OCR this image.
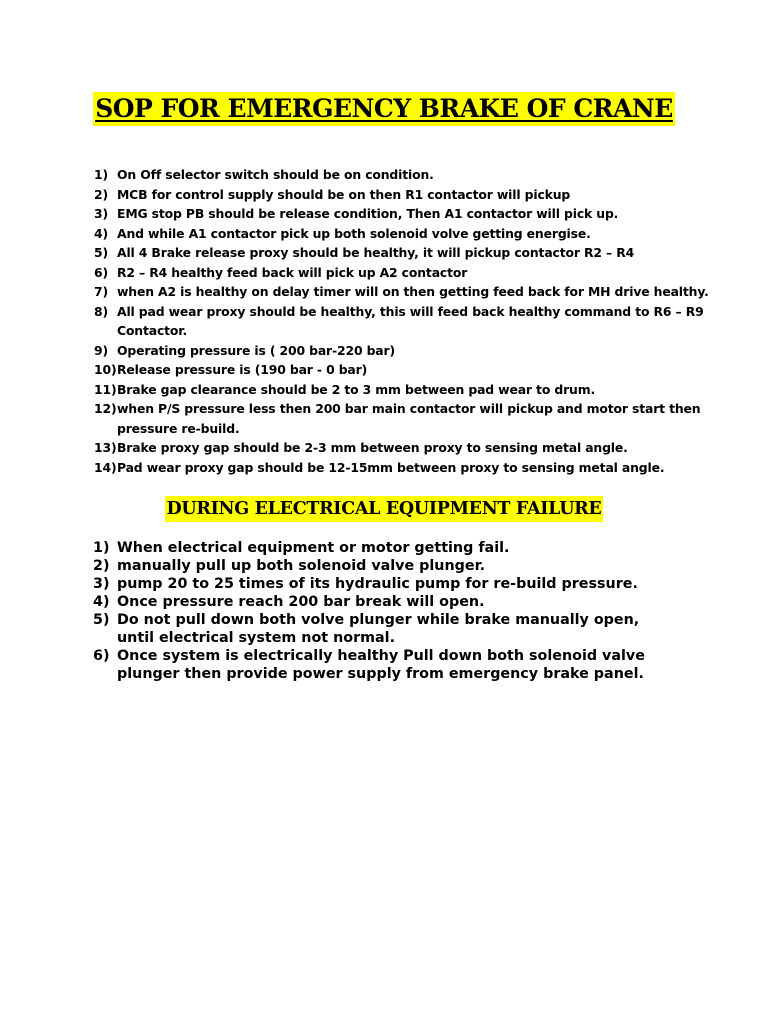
SOP FOR EMERGENCY BRAKE OF CRANE
1) On Off selector switch should be on condition.
2) MCB for control supply should be on then R1 contactor will pickup
3) EMG stop PB should be release condition, Then A1 contactor will pick up.
4) And while A1 contactor pick up both solenoid volve getting energise.
5) All 4 Brake release proxy should be healthy, it will pickup contactor R2 – R4
6) R2 – R4 healthy feed back will pick up A2 contactor
7) when A2 is healthy on delay timer will on then getting feed back for MH drive healthy.
8) All pad wear proxy should be healthy, this will feed back healthy command to R6 – R9
Contactor.
9) Operating pressure is ( 200 bar-220 bar)
10) Release pressure is (190 bar - 0 bar)
11) Brake gap clearance should be 2 to 3 mm between pad wear to drum.
12) when P/S pressure less then 200 bar main contactor will pickup and motor start then
pressure re-build.
13) Brake proxy gap should be 2-3 mm between proxy to sensing metal angle.
14) Pad wear proxy gap should be 12-15mm between proxy to sensing metal angle.
DURING ELECTRICAL EQUIPMENT FAILURE
1) When electrical equipment or motor getting fail.
2) manually pull up both solenoid valve plunger.
3) pump 20 to 25 times of its hydraulic pump for re-build pressure.
4) Once pressure reach 200 bar break will open.
5) Do not pull down both volve plunger while brake manually open,
until electrical system not normal.
6) Once system is electrically healthy Pull down both solenoid valve
plunger then provide power supply from emergency brake panel.
